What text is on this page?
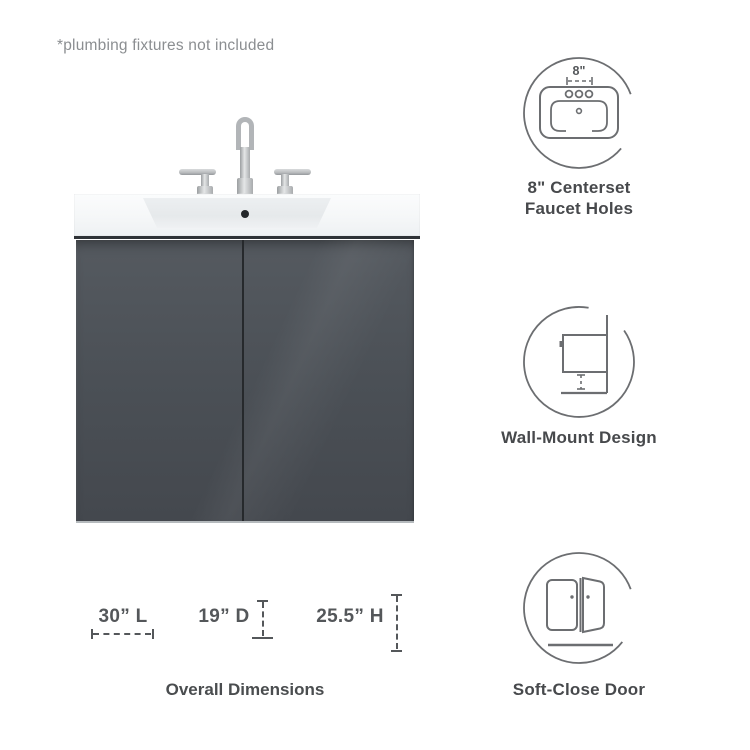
*plumbing fixtures not included
30” L	19” D	25.5” H
Overall Dimensions
8"
8" Centerset
Faucet Holes
Wall-Mount Design
Soft-Close Door
